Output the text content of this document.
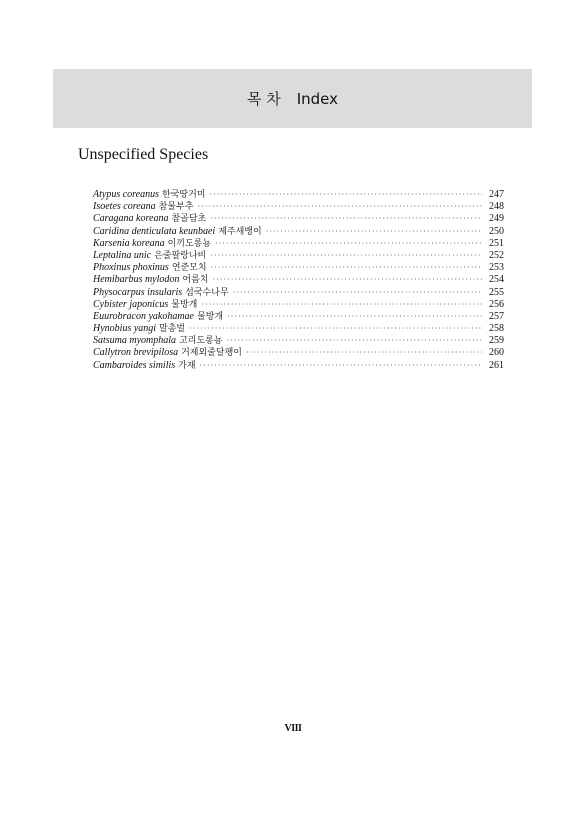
목 차 Index
Unspecified Species
Atypus coreanus 한국땅거미 ·····	247
Isoetes coreana 참물부추 ·····	248
Caragana koreana 참골담초 ·····	249
Caridina denticulata keunbaei 제주새뱅이 ·····	250
Karsenia koreana 이끼도롱뇽 ·····	251
Leptalina unic 은줄팔랑나비 ·····	252
Phoxinus phoxinus 연준모치 ·····	253
Hemibarbus mylodon 어름치 ·····	254
Physocarpus insularis 섬국수나무 ·····	255
Cybister japonicus 물방개 ·····	256
Euurobracon yakohamae 물방개 ·····	257
Hynobius yangi 말총벌 ·····	258
Satsuma myomphala 고리도롱뇽 ·····	259
Callytron brevipilosa 거제외줄달팽이 ·····	260
Cambaroides similis 가재 ·····	261
VIII
